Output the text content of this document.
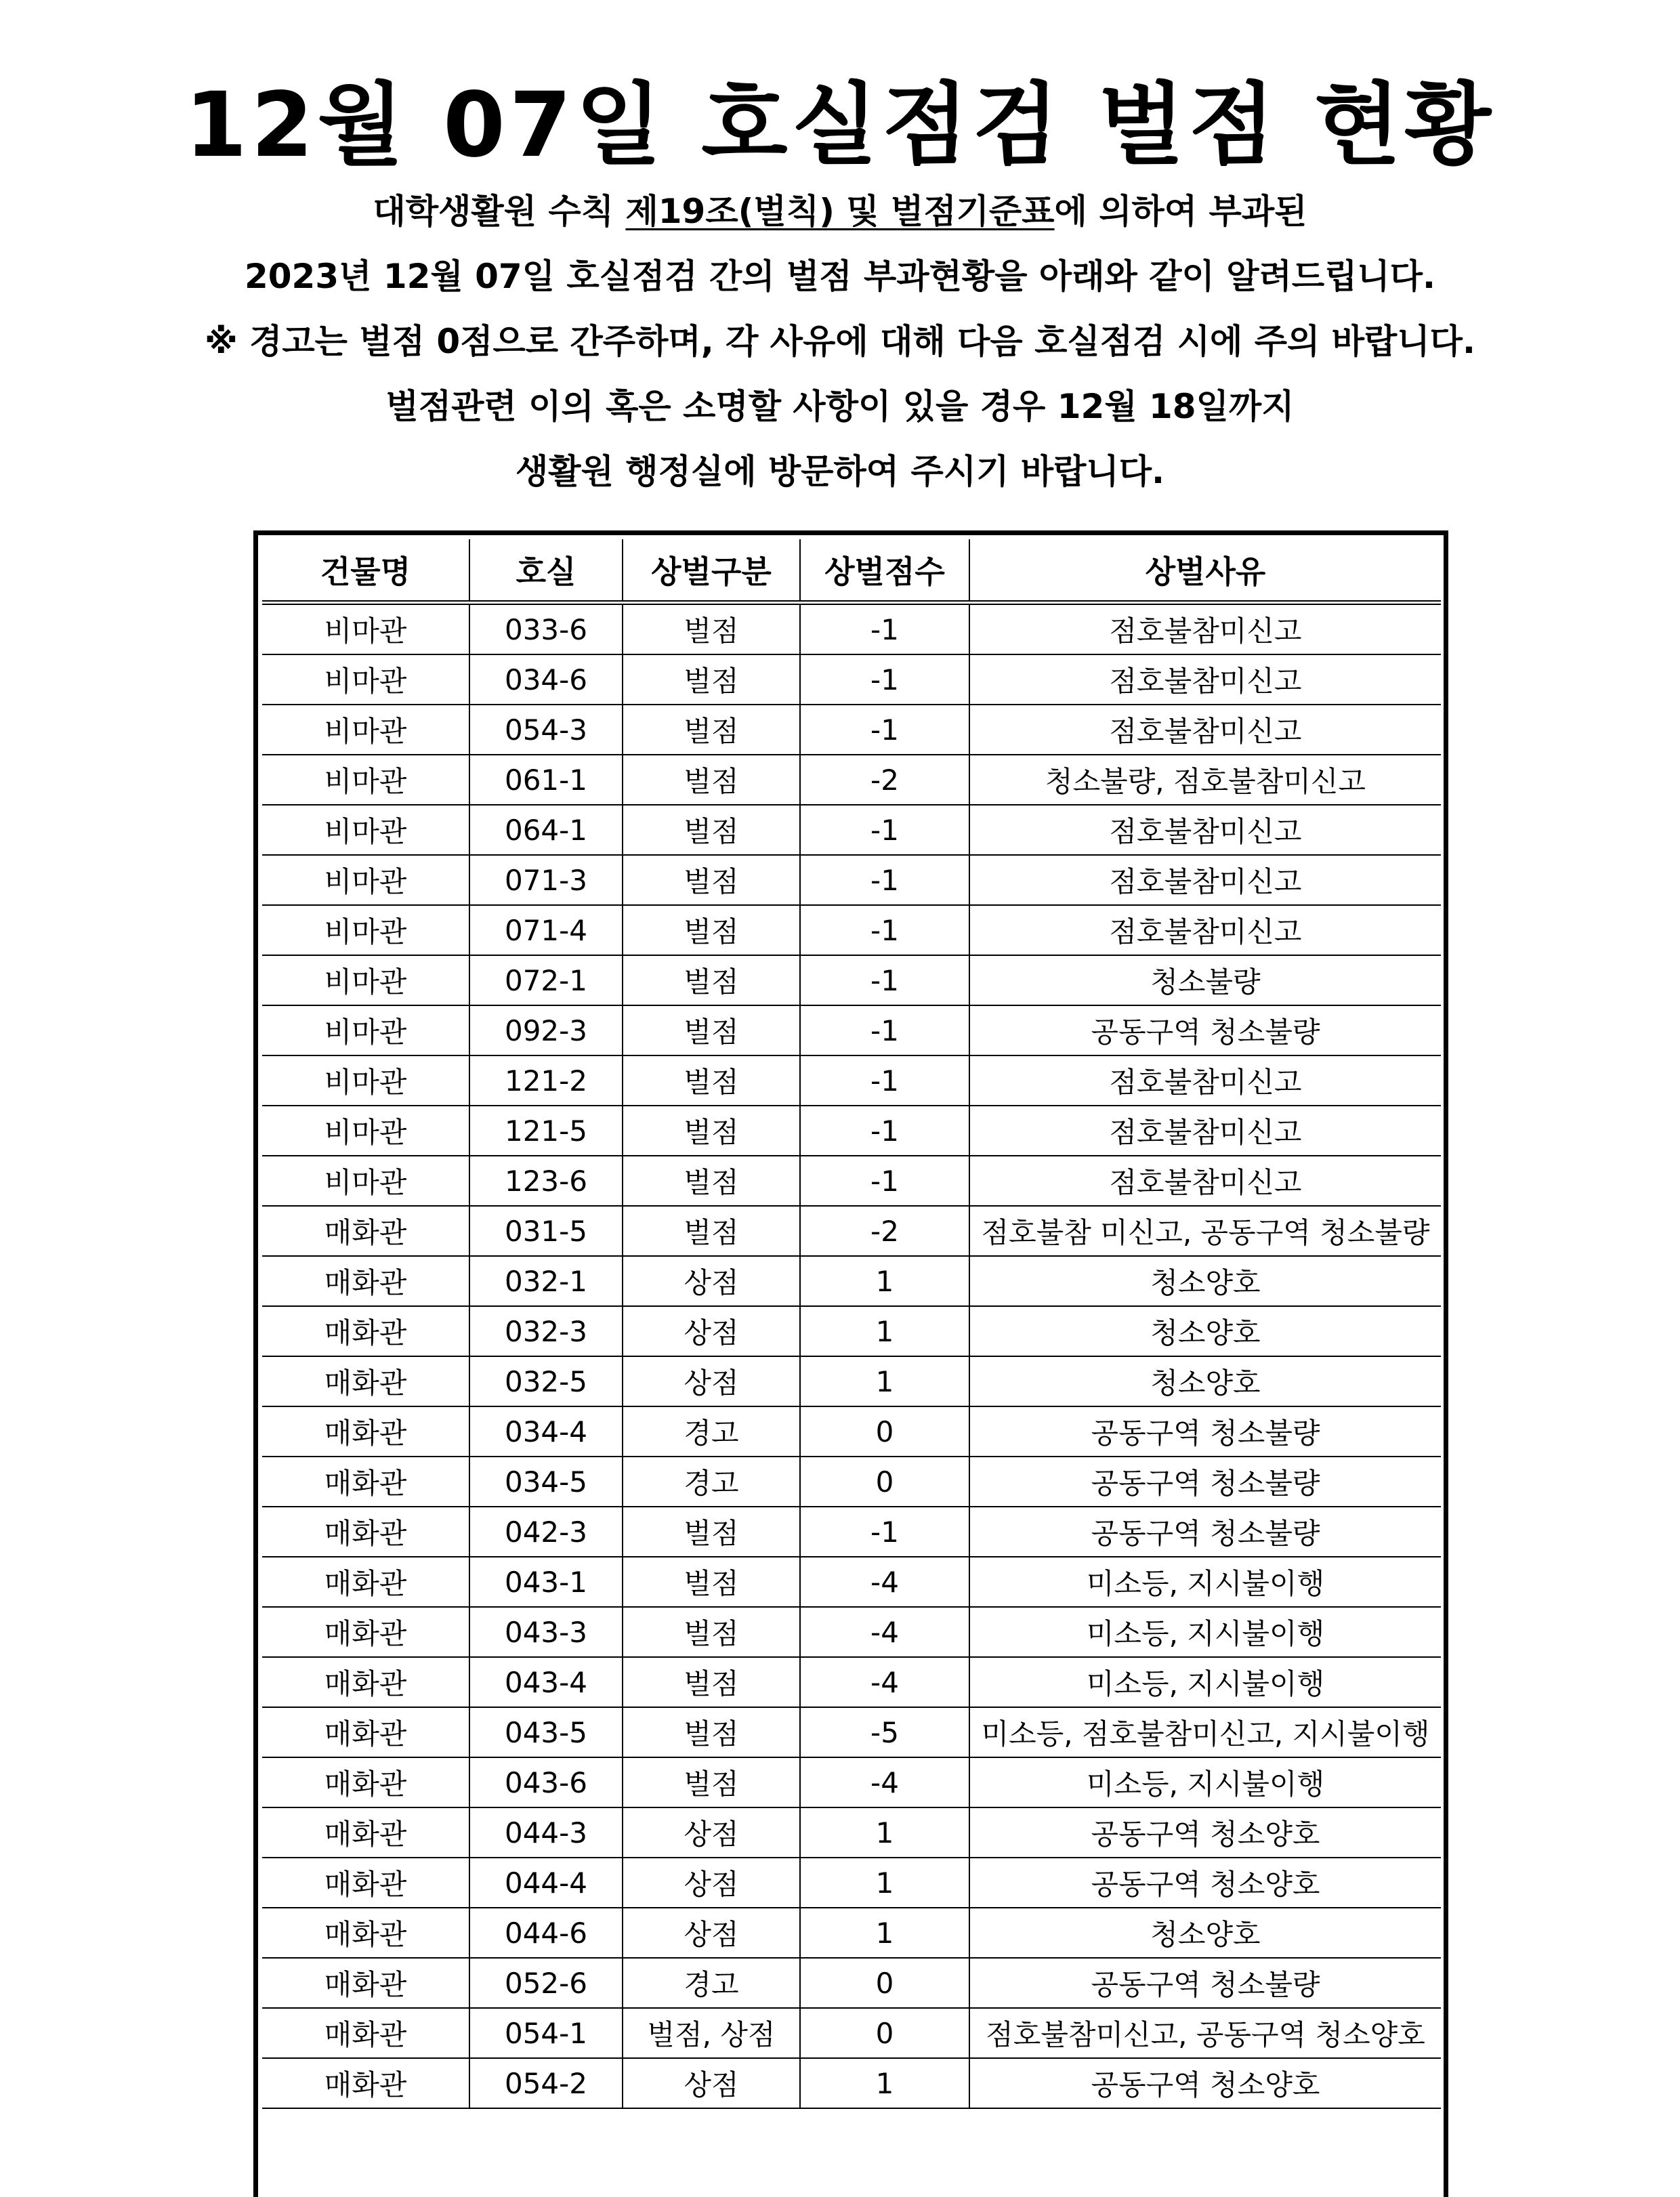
12월 07일 호실점검 벌점 현황
대학생활원 수칙 제19조(벌칙) 및 벌점기준표에 의하여 부과된
2023년 12월 07일 호실점검 간의 벌점 부과현황을 아래와 같이 알려드립니다.
※ 경고는 벌점 0점으로 간주하며, 각 사유에 대해 다음 호실점검 시에 주의 바랍니다.
벌점관련 이의 혹은 소명할 사항이 있을 경우 12월 18일까지
생활원 행정실에 방문하여 주시기 바랍니다.
건물명	호실	상벌구분	상벌점수	상벌사유
비마관	033-6	벌점	-1	점호불참미신고
비마관	034-6	벌점	-1	점호불참미신고
비마관	054-3	벌점	-1	점호불참미신고
비마관	061-1	벌점	-2	청소불량, 점호불참미신고
비마관	064-1	벌점	-1	점호불참미신고
비마관	071-3	벌점	-1	점호불참미신고
비마관	071-4	벌점	-1	점호불참미신고
비마관	072-1	벌점	-1	청소불량
비마관	092-3	벌점	-1	공동구역 청소불량
비마관	121-2	벌점	-1	점호불참미신고
비마관	121-5	벌점	-1	점호불참미신고
비마관	123-6	벌점	-1	점호불참미신고
매화관	031-5	벌점	-2	점호불참 미신고, 공동구역 청소불량
매화관	032-1	상점	1	청소양호
매화관	032-3	상점	1	청소양호
매화관	032-5	상점	1	청소양호
매화관	034-4	경고	0	공동구역 청소불량
매화관	034-5	경고	0	공동구역 청소불량
매화관	042-3	벌점	-1	공동구역 청소불량
매화관	043-1	벌점	-4	미소등, 지시불이행
매화관	043-3	벌점	-4	미소등, 지시불이행
매화관	043-4	벌점	-4	미소등, 지시불이행
매화관	043-5	벌점	-5	미소등, 점호불참미신고, 지시불이행
매화관	043-6	벌점	-4	미소등, 지시불이행
매화관	044-3	상점	1	공동구역 청소양호
매화관	044-4	상점	1	공동구역 청소양호
매화관	044-6	상점	1	청소양호
매화관	052-6	경고	0	공동구역 청소불량
매화관	054-1	벌점, 상점	0	점호불참미신고, 공동구역 청소양호
매화관	054-2	상점	1	공동구역 청소양호
